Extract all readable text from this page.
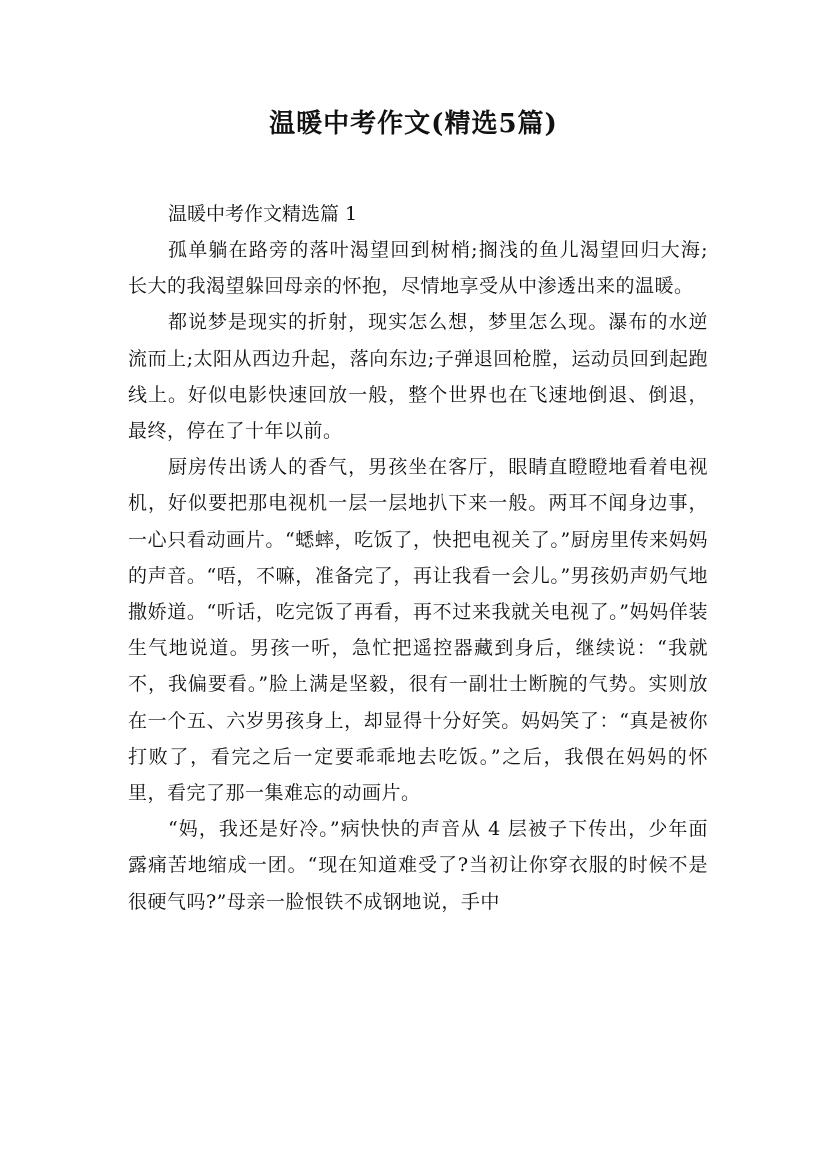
温暖中考作文(精选5篇)

温暖中考作文精选篇 1

孤单躺在路旁的落叶渴望回到树梢;搁浅的鱼儿渴望回归大海;长大的我渴望躲回母亲的怀抱，尽情地享受从中渗透出来的温暖。

都说梦是现实的折射，现实怎么想，梦里怎么现。瀑布的水逆流而上;太阳从西边升起，落向东边;子弹退回枪膛，运动员回到起跑线上。好似电影快速回放一般，整个世界也在飞速地倒退、倒退，最终，停在了十年以前。

厨房传出诱人的香气，男孩坐在客厅，眼睛直瞪瞪地看着电视机，好似要把那电视机一层一层地扒下来一般。两耳不闻身边事，一心只看动画片。“蟋蟀，吃饭了，快把电视关了。”厨房里传来妈妈的声音。“唔，不嘛，准备完了，再让我看一会儿。”男孩奶声奶气地撒娇道。“听话，吃完饭了再看，再不过来我就关电视了。”妈妈佯装生气地说道。男孩一听，急忙把遥控器藏到身后，继续说：“我就不，我偏要看。”脸上满是坚毅，很有一副壮士断腕的气势。实则放在一个五、六岁男孩身上，却显得十分好笑。妈妈笑了：“真是被你打败了，看完之后一定要乖乖地去吃饭。”之后，我偎在妈妈的怀里，看完了那一集难忘的动画片。

“妈，我还是好冷。”病快快的声音从 4 层被子下传出，少年面露痛苦地缩成一团。“现在知道难受了?当初让你穿衣服的时候不是很硬气吗?”母亲一脸恨铁不成钢地说，手中
